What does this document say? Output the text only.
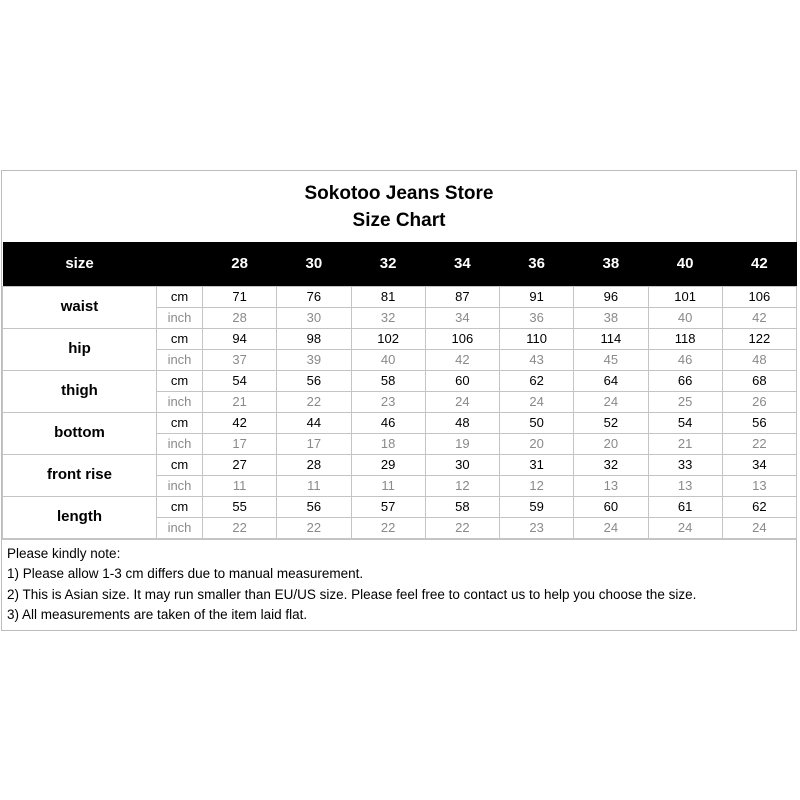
Sokotoo Jeans Store
Size Chart
size		28	30	32	34	36	38	40	42
waist	cm	71	76	81	87	91	96	101	106
	inch	28	30	32	34	36	38	40	42
hip	cm	94	98	102	106	110	114	118	122
	inch	37	39	40	42	43	45	46	48
thigh	cm	54	56	58	60	62	64	66	68
	inch	21	22	23	24	24	24	25	26
bottom	cm	42	44	46	48	50	52	54	56
	inch	17	17	18	19	20	20	21	22
front rise	cm	27	28	29	30	31	32	33	34
	inch	11	11	11	12	12	13	13	13
length	cm	55	56	57	58	59	60	61	62
	inch	22	22	22	22	23	24	24	24
Please kindly note:
1) Please allow 1-3 cm differs due to manual measurement.
2) This is Asian size. It may run smaller than EU/US size. Please feel free to contact us to help you choose the size.
3) All measurements are taken of the item laid flat.
